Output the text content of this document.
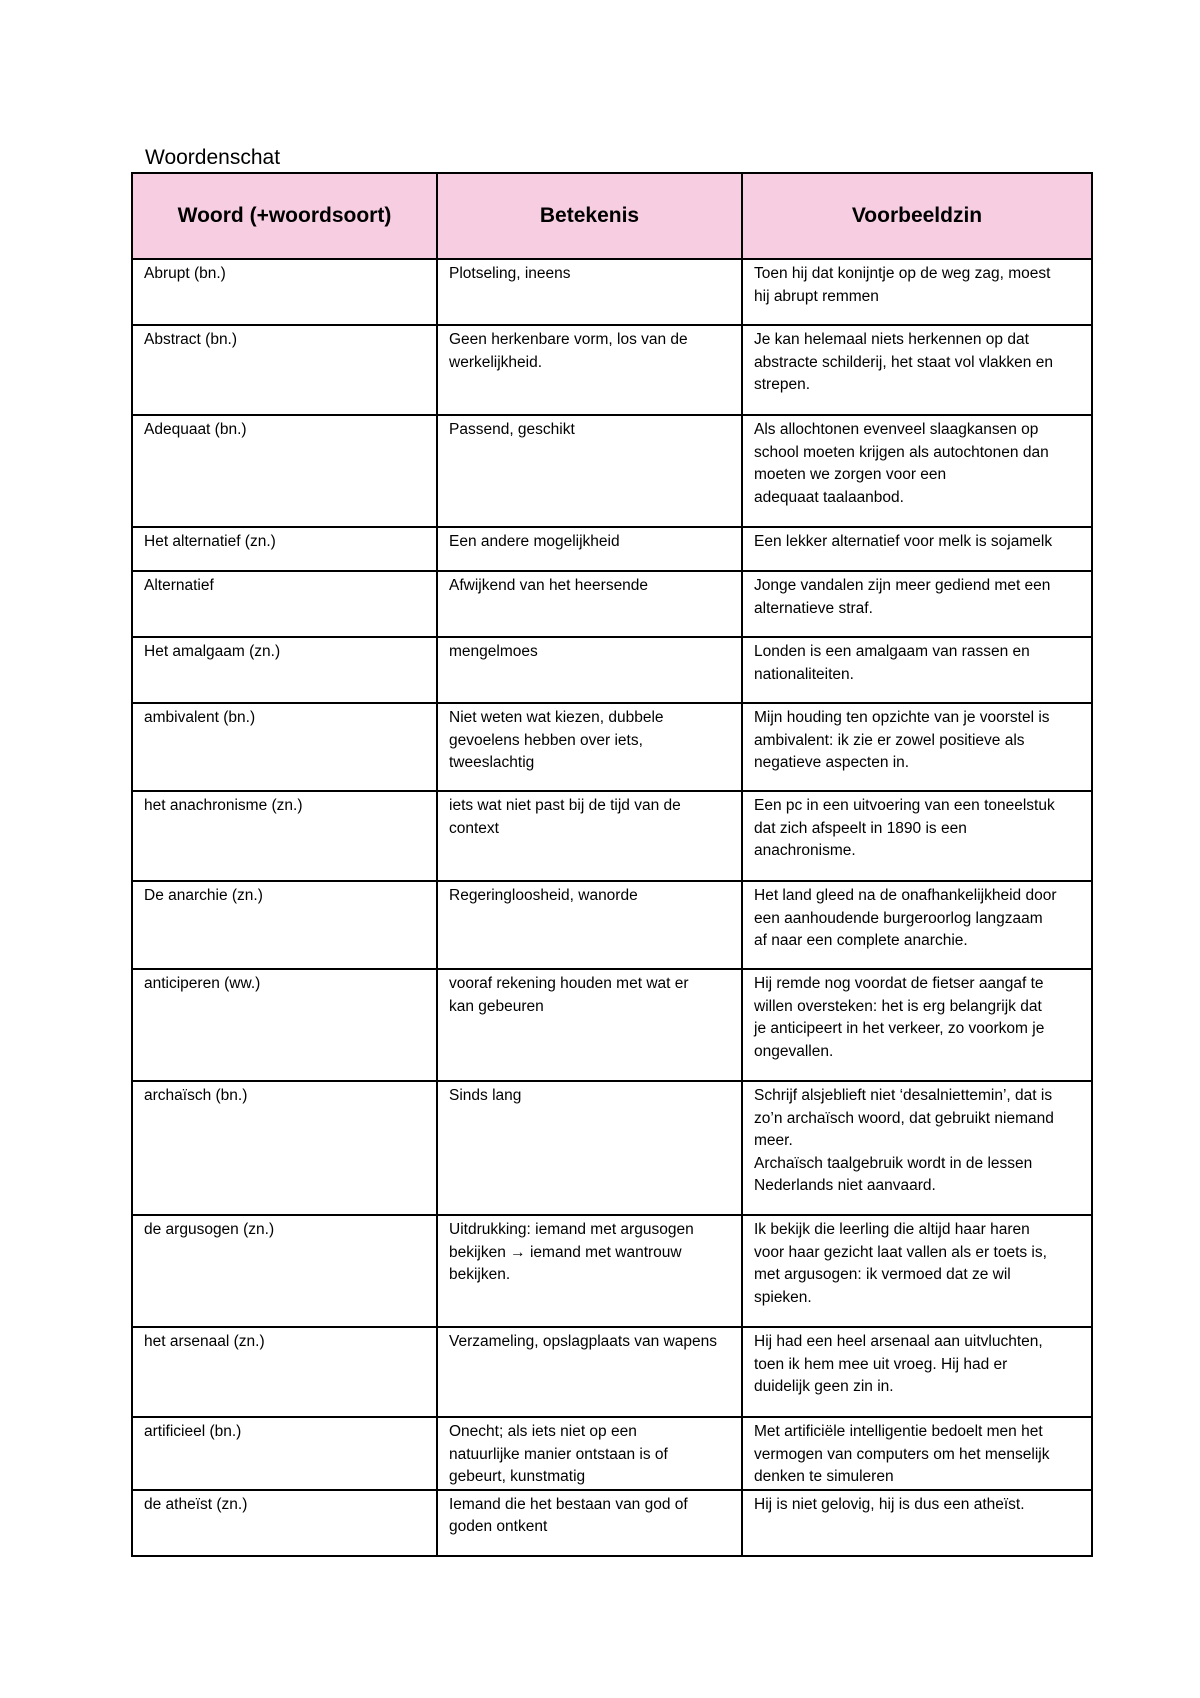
Woordenschat
Woord (+woordsoort)	Betekenis	Voorbeeldzin

Abrupt (bn.)	Plotseling, ineens	Toen hij dat konijntje op de weg zag, moest
hij abrupt remmen

Abstract (bn.)	Geen herkenbare vorm, los van de
werkelijkheid.	Je kan helemaal niets herkennen op dat
abstracte schilderij, het staat vol vlakken en
strepen.

Adequaat (bn.)	Passend, geschikt	Als allochtonen evenveel slaagkansen op
school moeten krijgen als autochtonen dan
moeten we zorgen voor een
adequaat taalaanbod.

Het alternatief (zn.)	Een andere mogelijkheid	Een lekker alternatief voor melk is sojamelk

Alternatief	Afwijkend van het heersende	Jonge vandalen zijn meer gediend met een
alternatieve straf.

Het amalgaam (zn.)	mengelmoes	Londen is een amalgaam van rassen en
nationaliteiten.

ambivalent (bn.)	Niet weten wat kiezen, dubbele
gevoelens hebben over iets,
tweeslachtig	Mijn houding ten opzichte van je voorstel is
ambivalent: ik zie er zowel positieve als
negatieve aspecten in.

het anachronisme (zn.)	iets wat niet past bij de tijd van de
context	Een pc in een uitvoering van een toneelstuk
dat zich afspeelt in 1890 is een
anachronisme.

De anarchie (zn.)	Regeringloosheid, wanorde	Het land gleed na de onafhankelijkheid door
een aanhoudende burgeroorlog langzaam
af naar een complete anarchie.

anticiperen (ww.)	vooraf rekening houden met wat er
kan gebeuren	Hij remde nog voordat de fietser aangaf te
willen oversteken: het is erg belangrijk dat
je anticipeert in het verkeer, zo voorkom je
ongevallen.

archaïsch (bn.)	Sinds lang	Schrijf alsjeblieft niet ‘desalniettemin’, dat is
zo’n archaïsch woord, dat gebruikt niemand
meer.
Archaïsch taalgebruik wordt in de lessen
Nederlands niet aanvaard.

de argusogen (zn.)	Uitdrukking: iemand met argusogen
bekijken → iemand met wantrouw
bekijken.	Ik bekijk die leerling die altijd haar haren
voor haar gezicht laat vallen als er toets is,
met argusogen: ik vermoed dat ze wil
spieken.

het arsenaal (zn.)	Verzameling, opslagplaats van wapens	Hij had een heel arsenaal aan uitvluchten,
toen ik hem mee uit vroeg. Hij had er
duidelijk geen zin in.

artificieel (bn.)	Onecht; als iets niet op een
natuurlijke manier ontstaan is of
gebeurt, kunstmatig	Met artificiële intelligentie bedoelt men het
vermogen van computers om het menselijk
denken te simuleren

de atheïst (zn.)	Iemand die het bestaan van god of
goden ontkent	Hij is niet gelovig, hij is dus een atheïst.
